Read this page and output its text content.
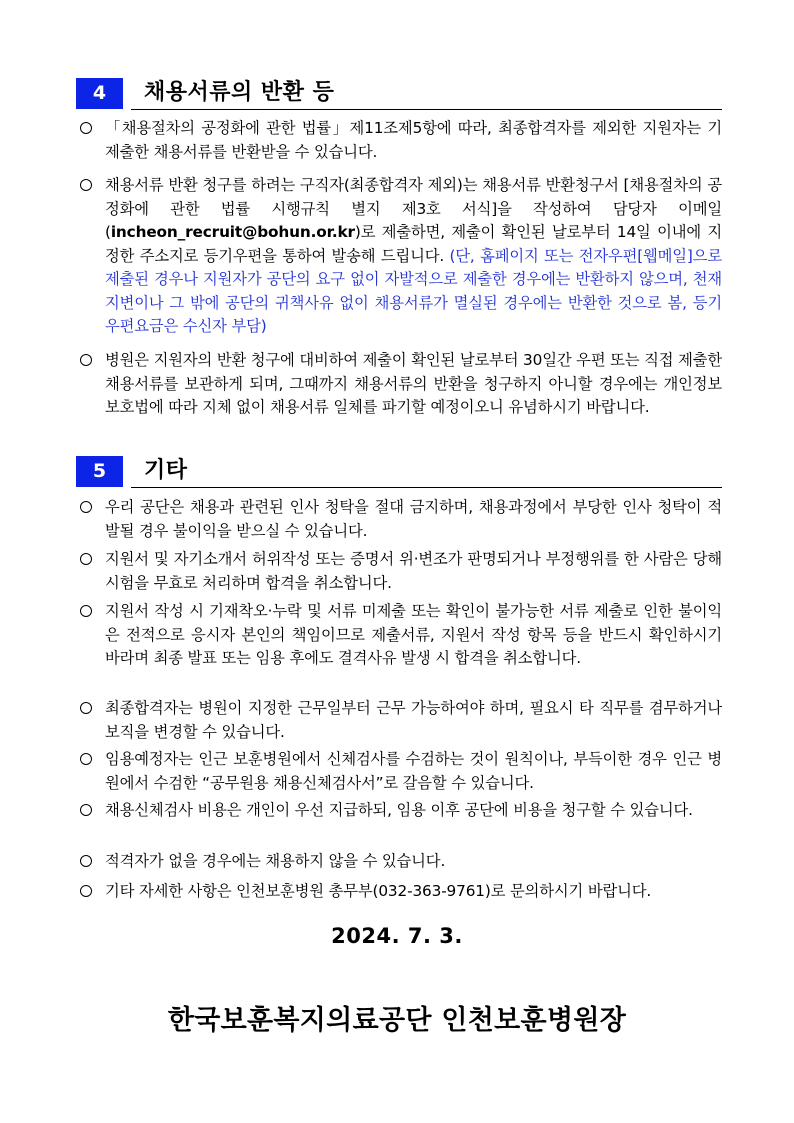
4	채용서류의 반환 등
「채용절차의 공정화에 관한 법률」제11조제5항에 따라, 최종합격자를 제외한 지원자는 기 제출한 채용서류를 반환받을 수 있습니다.
채용서류 반환 청구를 하려는 구직자(최종합격자 제외)는 채용서류 반환청구서 [채용절차의 공정화에 관한 법률 시행규칙 별지 제3호 서식]을 작성하여 담당자 이메일(incheon_recruit@bohun.or.kr)로 제출하면, 제출이 확인된 날로부터 14일 이내에 지정한 주소지로 등기우편을 통하여 발송해 드립니다. (단, 홈페이지 또는 전자우편[웹메일]으로 제출된 경우나 지원자가 공단의 요구 없이 자발적으로 제출한 경우에는 반환하지 않으며, 천재지변이나 그 밖에 공단의 귀책사유 없이 채용서류가 멸실된 경우에는 반환한 것으로 봄, 등기우편요금은 수신자 부담)
병원은 지원자의 반환 청구에 대비하여 제출이 확인된 날로부터 30일간 우편 또는 직접 제출한 채용서류를 보관하게 되며, 그때까지 채용서류의 반환을 청구하지 아니할 경우에는 개인정보 보호법에 따라 지체 없이 채용서류 일체를 파기할 예정이오니 유념하시기 바랍니다.
5	기타
우리 공단은 채용과 관련된 인사 청탁을 절대 금지하며, 채용과정에서 부당한 인사 청탁이 적발될 경우 불이익을 받으실 수 있습니다.
지원서 및 자기소개서 허위작성 또는 증명서 위·변조가 판명되거나 부정행위를 한 사람은 당해 시험을 무효로 처리하며 합격을 취소합니다.
지원서 작성 시 기재착오·누락 및 서류 미제출 또는 확인이 불가능한 서류 제출로 인한 불이익은 전적으로 응시자 본인의 책임이므로 제출서류, 지원서 작성 항목 등을 반드시 확인하시기 바라며 최종 발표 또는 임용 후에도 결격사유 발생 시 합격을 취소합니다.
최종합격자는 병원이 지정한 근무일부터 근무 가능하여야 하며, 필요시 타 직무를 겸무하거나 보직을 변경할 수 있습니다.
임용예정자는 인근 보훈병원에서 신체검사를 수검하는 것이 원칙이나, 부득이한 경우 인근 병원에서 수검한 “공무원용 채용신체검사서”로 갈음할 수 있습니다.
채용신체검사 비용은 개인이 우선 지급하되, 임용 이후 공단에 비용을 청구할 수 있습니다.
적격자가 없을 경우에는 채용하지 않을 수 있습니다.
기타 자세한 사항은 인천보훈병원 총무부(032-363-9761)로 문의하시기 바랍니다.
2024. 7. 3.
한국보훈복지의료공단 인천보훈병원장
